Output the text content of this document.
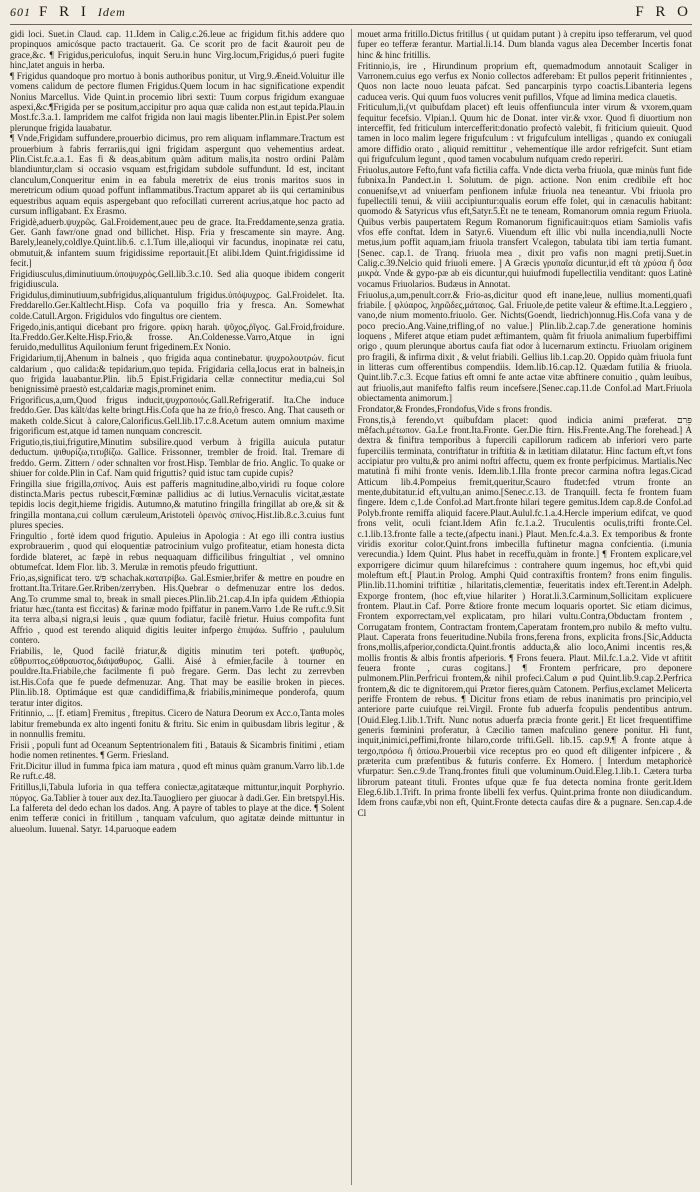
601 F R I Idem	F R O

gidi loci. Suet.in Claud. cap. 11.Idem in Calig.c.26.leue ac frigidum fit.his addere quo propinquos amicósque pacto tractauerit. Ga. Ce scorit pro de facit &auroit peu de grace,&c. ¶ Frigidus,periculofus, inquit Seru.in hunc Virg.locum,Frigidus,ó pueri fugite hinc,latet anguis in herba.

¶ Frigidus quandoque pro mortuo à bonis authoribus ponitur, ut Virg.9.Æneid.Voluitur ille vomens calidum de pectore flumen Frigidus.Quem locum in hac significatione expendit Nonius Marcellus. Vide Quint.in procemio libri sexti: Tuum corpus frigidum exanguae aspexi,&c.¶Frigida per se positum,accipitur pro aqua quæ calida non est,aut tepida.Plau.in Most.fc.3.a.1. Iampridem me calfot frigida non laui magis libenter.Plin.in Epist.Per solem plerunque frigida lauabatur.

¶ Vnde,Frigidam suffundere,prouerbio dicimus, pro rem aliquam inflammare.Tractum est prouerbium à fabris ferrariis,qui igni frigidam aspergunt quo vehementius ardeat. Plin.Cist.fc.a.a.1. Eas fi & deas,abitum quàm aditum malis,ita nostro ordini Palàm blandiuntur,clam si occasio vsquam est,frigidam subdole suffundunt. Id est, incitant clanculum,Conqueritur enim in ea fabula meretrix de eius tronis maritos suos in meretricum odium quoad poffunt inflammatibus.Tractum apparet ab iis qui certaminibus equestribus aquam equis aspergebant quo refocillati currerent acrius,atque hoc pacto ad cursum infligabant. Ex Erasmo.

Frigidè,aduerb.ψυχρῶς. Gal.Froidement,auec peu de grace. Ita.Freddamente,senza gratia. Ger. Ganh fawr/one gnad ond billichet. Hisp. Fria y frescamente sin mayre. Ang. Barely,leanely,coldlye.Quint.lib.6. c.1.Tum ille,alioqui vir facundus, inopinatæ rei catu, obmutuit,& infantem suum frigidissime reportauit.[Et alibi.Idem Quint.frigidissime id fecit.]

Frigidiusculus,diminutiuum.ὑποψυχρός.Gell.lib.3.c.10. Sed alia quoque ibidem congerit frigidiuscula.

Frigidulus,diminutiuum,subfrigidus,aliquantulum frigidus.ὑπόψυχρος. Gal.Froidelet. Ita. Freddarello.Ger.Kaltlecht.Hisp. Cofa va poquillo fria y fresca. An. Somewhat colde.Catull.Argon. Frigidulos vdo fingultus ore cientem.

Frigedo,inis,antiqui dicebant pro frigore. φρίκη harah. ψῦχος,ῥῖγος. Gal.Froid,froidure. Ita.Freddo.Ger.Kelte.Hisp.Frio,& frosse. An.Coldenesse.Varro,Atque in igni feruido,medullitus Aquilonium ferunt frigedinem.Ex Nonio.

Frigidarium,tij,Ahenum in balneis , quo frigida aqua continebatur. ψυχρολουτρών. ficut caldarium , quo calida:& tepidarium,quo tepida. Frigidaria cella,locus erat in balneis,in quo frigida lauabantur.Plin. lib.5 Epist.Frigidaria cellæ connectitur media,cui Sol benignissimè praestò est,caldariæ magis,prominet enim.

Frigorificus,a,um,Quod frigus inducit,ψυχροποιός.Gall.Refrigeratif. Ita.Che induce freddo.Ger. Das kält/das kelte bringt.His.Cofa que ha ze frio,ò fresco. Ang. That causeth or maketh colde.Sicut à calore,Calorificus.Gell.lib.17.c.8.Acetum autem omnium maxime frigorificum est,atque id tamen nunquam concrescit.

Frigutio,tis,tiui,frigutire,Minutim subsilire.quod verbum à frigilla auicula putatur deductum. ψιθυρίζω,τιτυβίζω. Gallice. Frissonner, trembler de froid. Ital. Tremare di freddo. Germ. Zittern / oder schnalten vor frost.Hisp. Temblar de frio. Anglic. To quake or shiuer for colde.Plin in Caf. Nam quid friguttis? quid istuc tam cupide cupis?

Fringilla siue frigilla,σπίνος. Auis est pafferis magnitudine,albo,viridi ru foque colore distincta.Maris pectus rubescit,Fœminæ pallidius ac di lutius.Vernaculis vicitat,æstate tepidis locis degit,hieme frigidis. Autumno,& matutino fringilla fringillat ab ore,& sit & fringilla montana,cui collum cæruleum,Aristoteli ὀρεινὸς σπίνος.Hist.lib.8.c.3.cuius funt plures species.

Fringultio , fortè idem quod frigutio. Apuleius in Apologia : At ego illi contra iustius exprobrauerim , quod qui eloquentiæ patrocinium vulgo profiteatur, etiam honesta dicta fordide blateret, ac fæpè in rebus nequaquam difficilibus fringultiat , vel omnino obtumefcat. Idem Flor. lib. 3. Merulæ in remotis pfeudo friguttiunt.

Frio,as,significat tero. פִּשׁ schachak.κατατρίβω. Gal.Esmier,brifer & mettre en poudre en frottant.Ita.Tritare.Ger.Rriben/zerryben. His.Quebrar o defmenuzar entre los dedos. Ang.To crumme smal to, break in small pieces.Plin.lib.21.cap.4.In ipfa quidem Æthiopia friatur hæc,(tanta est ficcitas) & farinæ modo fpiffatur in panem.Varro 1.de Re ruft.c.9.Sit ita terra alba,si nigra,si leuis , quæ quum fodiatur, facilè frietur. Huius compofita funt Affrio , quod est terendo aliquid digitis leuiter infpergo ἐπιψάω. Suffrio , paululum contero.

Friabilis, le, Quod facilè friatur,& digitis minutim teri poteft. ψαθυρὸς, εὔθρυπτος,εὐθραυστος,διάψαθυρος. Galli. Aisé à efmier,facile à tourner en pouldre.Ita.Friabile,che facilmente fi può fregare. Germ. Das lecht zu zerrevben ist.His.Cofa que fe puede defmenuzar. Ang. That may be easilie broken in pieces. Plin.lib.18. Optimáque est quæ candidiffima,& friabilis,minimeque ponderofa, quum teratur inter digitos.

Fritinnio, ... [f. etiam] Fremitus , ftrepitus. Cicero de Natura Deorum ex Acc.o,Tanta moles labitur fremebunda ex alto ingenti fonitu & ftritu. Sic enim in quibusdam libris legitur , & in nonnullis fremitu.

Frisii , populi funt ad Oceanum Septentrionalem fiti , Batauis & Sicambris finitimi , etiam hodie nomen retinentes. ¶ Germ. Friesland.

Frit.Dicitur illud in fumma fpica iam matura , quod eft minus quàm granum.Varro lib.1.de Re ruft.c.48.

Fritillus,li,Tabula luforia in qua teffera coniectæ,agitatæque mittuntur,inquit Porphyrio. πύργος. Ga.Tablier à touer aux dez.Ita.Tauogliero per giuocar à dadi.Ger. Ein bretspyl.His. La falfereta del dedo echan los dados. Ang. A payre of tables to playe at the dice. ¶ Solent enim tefferæ conici in fritillum , tanquam vafculum, quo agitatæ deinde mittuntur in alueolum. Iuuenal. Satyr. 14.paruoque eadem

mouet arma fritillo.Dictus fritillus ( ut quidam putant ) à crepitu ipso tefferarum, vel quod fuper eo tefferæ ferantur. Martial.li.14. Dum blanda vagus alea December Incertis fonat hinc & hinc fritillis.

Fritinnio,is, ire , Hirundinum proprium eft, quemadmodum annotauit Scaliger in Varronem.cuius ego verfus ex Nonio collectos adferebam: Et pullos peperit fritinnientes , Quos non lacte nouo leuata pafcat. Sed pancarpinis tyrpo coactis.Libanteria legens caducea veris. Qui quum fuos volucres venit pufillos, Vfque ad limina medica clauetis.

Friticulum,li,(vt quibufdam placet) eft leuis offenfiuncula inter virum & vxorem,quam fequitur fecefsio. Vlpian.l. Quum hic de Donat. inter vir.& vxor. Quod fi diuortium non interceffit, fed friticulum intercefferit:donatio profectò valebit, fi friticium quieuit. Quod tamen in loco malim legere frigufculum : vt frigufculum intelligas , quando ex coniugali amore diffidio orato , aliquid remittitur , vehementíque ille ardor refrigefcit. Sunt etiam qui frigufculum legunt , quod tamen vocabulum nufquam credo reperiri.

Friuolus,autore Fefto,funt vafa fictilia caffa. Vnde dicta verba friuola, quæ minùs funt fide fubnixa.In Pandect.in l. Solutum. de pign. actione. Non enim credibile eft hoc conuenifse,vt ad vniuerfam penfionem infulæ friuola nea teneantur. Vbi friuola pro fupellectili tenui, & viiiì accipiuntur:qualis eorum effe folet, qui in cænaculis habitant: quomodo & Satyricus vfus eft,Satyr.5.Et ne te teneam, Romanorum omnia regum Friuola. Quibus verbis paupertatem Regum Romanorum fignificauit:quos etiam Samiolis vafis vfos effe conftat. Idem in Satyr.6. Viuendum eft illic vbi nulla incendia,nulli Nocte metus,ium poffit aquam,iam friuola transfert Vcalegon, tabulata tibi iam tertia fumant.[Senec. cap.1. de Tranq. friuola mea , dixit pro vafis non magni pretij.Suet.in Calig.c.39.Nelcio quid friuoli emere. ] A Græcis γρυπαῖα dicuntur,id eft τὰ χρύσα ἢ ὅσα μικρὰ. Vnde & gypo-pæ ab eis dicuntur,qui huiufmodi fupellectilia venditant: quos Latinè vocamus Friuolarios. Budæus in Annotat.

Friuolus,a,um,penult.corr.& Frio-as,dicitur quod eft inane,leue, nullius momenti,quafi friabile. [ φλύαρος, ληρῶδες,μάταιος. Gal. Friuole,de petite valeur & eftime.It.a.Leggiero , vano,de nium momento.friuolo. Ger. Nichts(Goendt, liedrich)onnug.His.Cofa vana y de poco precio.Ang.Vaine,trifling,of no value.] Plin.lib.2.cap.7.de generatione hominis loquens , Miferet atque etiam pudet æftimantem, quàm fit friuola animalium fuperbiffimi origo , quum plerunque abortus caufa fiat odor à lucernarum extinctu. Friuolam originem pro fragili, & infirma dixit , & velut friabili. Gellius lib.1.cap.20. Oppido quàm friuola funt in litteras cum offerentibus compendiis. Idem.lib.16.cap.12. Quædam futilia & friuola. Quint.lib.7.c.3. Ecque fatius eft omni fe ante actae vitæ abftinere conuitio , quàm leuibus, aut friuolis,aut manifefto falfis reum incefsere.[Senec.cap.11.de Confol.ad Mart.Friuola obiectamenta animorum.]

Frondator,& Frondes,Frondofus,Vide s frons frondis.

Frons,tis,à ferendo,vt quibufdam placet: quod indicia animi præferat. פֵּרִם mêfach.μέτωπον. Ga.Le front.Ita.Fronte. Ger.Die ftirn. His.Frente.Ang.The forehead.] A dextra & finiftra temporibus à fupercili capillorum radicem ab inferiori vero parte fuperciliis terminata, contriftatur in triftitia & in lætitiam dilatatur. Hinc factum eft,vt fons accipiatur pro vultu,& pro animi noftri affectu, quem ex fronte perfpicimus. Martialis.Nec matutinà fi mihi fronte venis. Idem.lib.1.Illa fronte precor carmina noftra legas.Cicad Atticum lib.4.Pompeius fremit,queritur,Scauro ftudet:fed vtrum fronte an mente,dubitatur.id eft,vultu,an animo.[Senec.c.13. de Tranquill. fecta fe frontem fuam fingere. Idem c,1.de Confol.ad Mart.fronte hilari tegere gemitus.Idem cap.8.de Confol.ad Polyb.fronte remiffa aliquid facere.Plaut.Aulul.fc.1.a.4.Hercle imperium edifcat, ve quod frons velit, oculi fciant.Idem Afin fc.1.a.2. Truculentis oculis,trifti fronte.Cel. c.1.lib.13.fronte falle a tecte,(afpectu inani.) Plaut. Men.fc.4.a.3. Ex temporibus & fronte viridis exoritur color.Quint.frons imbecilla fuftinetur magna confcientia. (i.munia verecundia.) Idem Quint. Plus habet in receffu,quàm in fronte.] ¶ Frontem explicare,vel exporrigere dicimur quum hilarefcimus : contrahere quum ingemus, hoc eft,vbi quid moleftum eft.[ Plaut.in Prolog. Amphi Quid contraxiftis frontem? frons enim fingulis. Plin.lib.11.homini triftitiæ , hilaritatis,clementiæ, feueritatis index eft.Terent.in Adelph. Exporge frontem, (hoc eft,viue hilariter ) Horat.li.3.Carminum,Sollicitam explicuere frontem. Plaut.in Caf. Porre &tiore fronte mecum loquaris oportet. Sic etiam dicimus, Frontem exporrectam,vel explicatam, pro hilari vultu.Contra,Obductam frontem , Corrugatam frontem, Contractam frontem,Caperatam frontem,pro nubilo & mefto vultu. Plaut. Caperata frons feueritudine.Nubila frons,ferena frons, explicita frons.[Sic,Adducta frons,mollis,afperior,condicta.Quint.frontis adducta,& alio loco,Animi incentis res,& mollis frontis & albis frontis afperioris. ¶ Frons feuera. Plaut. Mil.fc.1.a.2. Vide vt aftitit feuera fronte , curas cogitans.] ¶ Frontem perfricare, pro deponere pulmonem.Plin.Perfricui frontem,& nihil profeci.Calum ø pud Quint.lib.9.cap.2.Perfrica frontem,& dic te dignitorem,qui Prætor fieres,quàm Catonem. Perfius,exclamet Melicerta periffe Frontem de rebus. ¶ Dicitur frons etiam de rebus inanimatis pro principio,vel anteriore parte cuiufque rei.Virgil. Fronte fub aduerfa fcopulis pendentibus antrum.[Ouid.Eleg.1.lib.1.Trift. Nunc notus aduerfa præcia fronte gerit.] Et licet frequentiffime generis fœminini proferatur, à Cæcilio tamen mafculino genere ponitur. Hi funt, inquit,inimici,peffimi,fronte hilaro,corde trifti.Gell. lib.15. cap.9.¶ A fronte atque à tergo,πρόσω ἢ ὀπίσω.Prouerbii vice receptus pro eo quod eft diligenter infpicere , & præterita cum præfentibus & futuris conferre. Ex Homero. [ Interdum metaphoricè vfurpatur: Sen.c.9.de Tranq.frontes fituli que voluminum.Ouid.Eleg.1.lib.1. Cætera turba librorum pateant tituli. Frontes ufque quæ fe fua detecta nomina fronte gerit.Idem Eleg.6.lib.1.Trift. In prima fronte libelli fex verfus. Quint.prima fronte non diiudicandum. Idem frons caufæ,vbi non eft, Quint.Fronte detecta caufas dire & a pugnare. Sen.cap.4.de Cl
